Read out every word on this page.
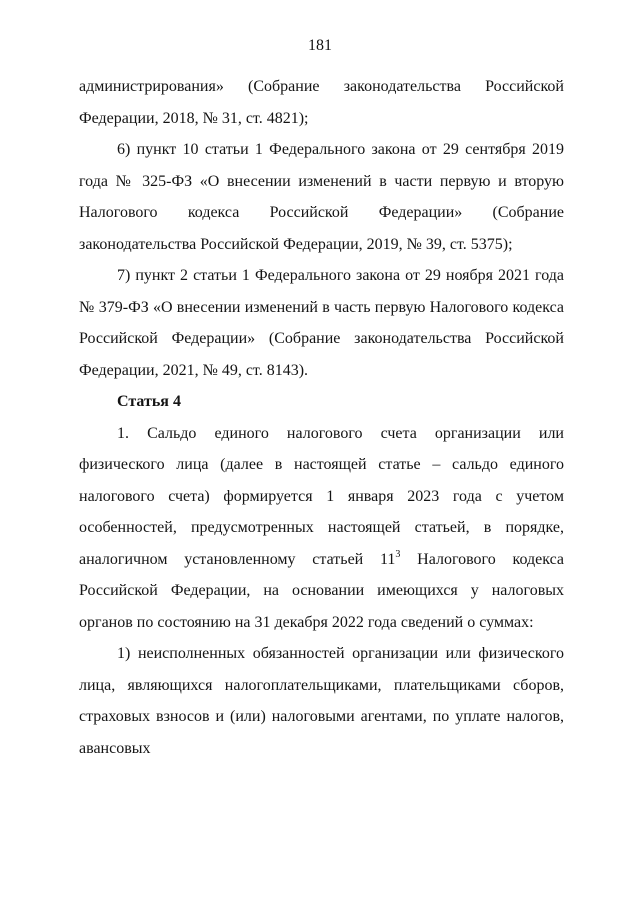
181

администрирования» (Собрание законодательства Российской Федерации, 2018, № 31, ст. 4821);

6) пункт 10 статьи 1 Федерального закона от 29 сентября 2019 года № 325-ФЗ «О внесении изменений в части первую и вторую Налогового кодекса Российской Федерации» (Собрание законодательства Российской Федерации, 2019, № 39, ст. 5375);

7) пункт 2 статьи 1 Федерального закона от 29 ноября 2021 года № 379-ФЗ «О внесении изменений в часть первую Налогового кодекса Российской Федерации» (Собрание законодательства Российской Федерации, 2021, № 49, ст. 8143).

Статья 4

1. Сальдо единого налогового счета организации или физического лица (далее в настоящей статье – сальдо единого налогового счета) формируется 1 января 2023 года с учетом особенностей, предусмотренных настоящей статьей, в порядке, аналогичном установленному статьей $11^3$ Налогового кодекса Российской Федерации, на основании имеющихся у налоговых органов по состоянию на 31 декабря 2022 года сведений о суммах:

1) неисполненных обязанностей организации или физического лица, являющихся налогоплательщиками, плательщиками сборов, страховых взносов и (или) налоговыми агентами, по уплате налогов, авансовых
